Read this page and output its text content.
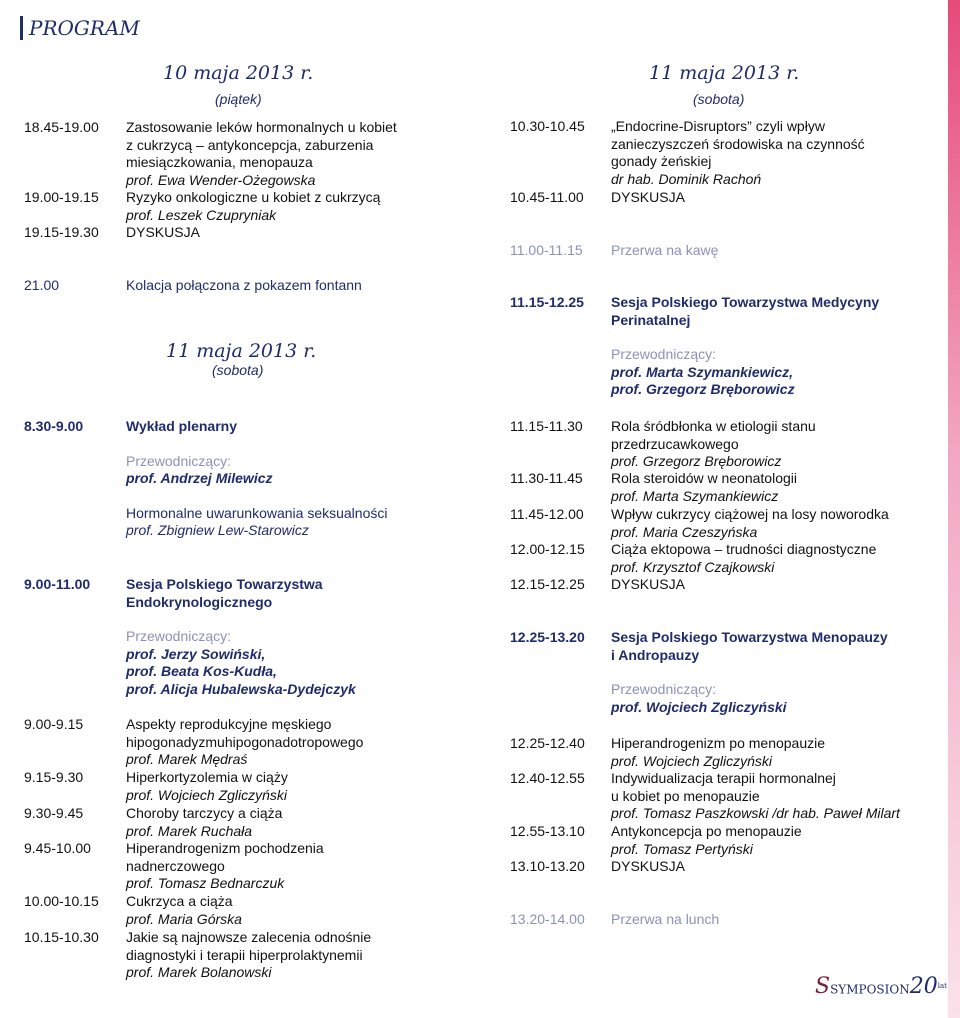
PROGRAM
10 maja 2013 r.
(piątek)
18.45-19.00 Zastosowanie leków hormonalnych u kobiet
z cukrzycą – antykoncepcja, zaburzenia
miesiączkowania, menopauza
prof. Ewa Wender-Ożegowska
19.00-19.15 Ryzyko onkologiczne u kobiet z cukrzycą
prof. Leszek Czupryniak
19.15-19.30 DYSKUSJA
21.00	Kolacja połączona z pokazem fontann
11 maja 2013 r.
(sobota)
8.30-9.00	Wykład plenarny
Przewodniczący:
prof. Andrzej Milewicz
Hormonalne uwarunkowania seksualności
prof. Zbigniew Lew-Starowicz
9.00-11.00	Sesja Polskiego Towarzystwa
Endokrynologicznego
Przewodniczący:
prof. Jerzy Sowiński,
prof. Beata Kos-Kudła,
prof. Alicja Hubalewska-Dydejczyk
9.00-9.15	Aspekty reprodukcyjne męskiego
hipogonadyzmuhipogonadotropowego
prof. Marek Mędraś
9.15-9.30	Hiperkortyzolemia w ciąży
prof. Wojciech Zgliczyński
9.30-9.45	Choroby tarczycy a ciąża
prof. Marek Ruchała
9.45-10.00	Hiperandrogenizm pochodzenia
nadnerczowego
prof. Tomasz Bednarczuk
10.00-10.15 Cukrzyca a ciąża
prof. Maria Górska
10.15-10.30 Jakie są najnowsze zalecenia odnośnie
diagnostyki i terapii hiperprolaktynemii
prof. Marek Bolanowski
11 maja 2013 r.
(sobota)
10.30-10.45 „Endocrine-Disruptors” czyli wpływ
zanieczyszczeń środowiska na czynność
gonady żeńskiej
dr hab. Dominik Rachoń
10.45-11.00 DYSKUSJA
11.00-11.15 Przerwa na kawę
11.15-12.25 Sesja Polskiego Towarzystwa Medycyny
Perinatalnej
Przewodniczący:
prof. Marta Szymankiewicz,
prof. Grzegorz Bręborowicz
11.15-11.30 Rola śródbłonka w etiologii stanu
przedrzucawkowego
prof. Grzegorz Bręborowicz
11.30-11.45 Rola steroidów w neonatologii
prof. Marta Szymankiewicz
11.45-12.00 Wpływ cukrzycy ciążowej na losy noworodka
prof. Maria Czeszyńska
12.00-12.15 Ciąża ektopowa – trudności diagnostyczne
prof. Krzysztof Czajkowski
12.15-12.25 DYSKUSJA
12.25-13.20 Sesja Polskiego Towarzystwa Menopauzy
i Andropauzy
Przewodniczący:
prof. Wojciech Zgliczyński
12.25-12.40 Hiperandrogenizm po menopauzie
prof. Wojciech Zgliczyński
12.40-12.55 Indywidualizacja terapii hormonalnej
u kobiet po menopauzie
prof. Tomasz Paszkowski /dr hab. Paweł Milart
12.55-13.10 Antykoncepcja po menopauzie
prof. Tomasz Pertyński
13.10-13.20 DYSKUSJA
13.20-14.00 Przerwa na lunch
$SSYMPOSION20^{lat}$
